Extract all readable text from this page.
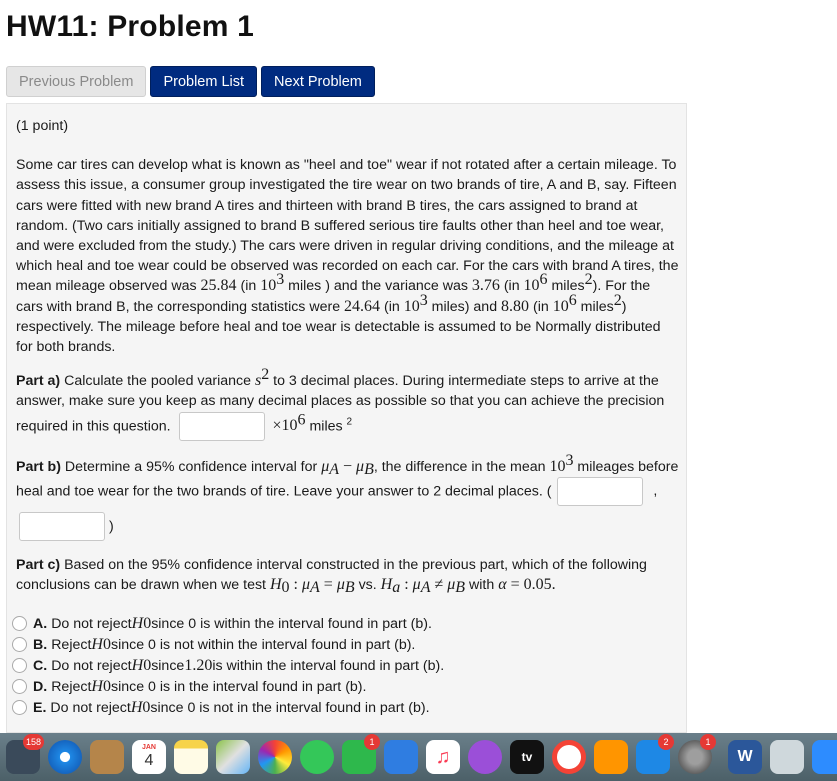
HW11: Problem 1
Previous Problem	Problem List	Next Problem
(1 point)

Some car tires can develop what is known as "heel and toe" wear if not rotated after a certain mileage. To assess this issue, a consumer group investigated the tire wear on two brands of tire, A and B, say. Fifteen cars were fitted with new brand A tires and thirteen with brand B tires, the cars assigned to brand at random. (Two cars initially assigned to brand B suffered serious tire faults other than heel and toe wear, and were excluded from the study.) The cars were driven in regular driving conditions, and the mileage at which heal and toe wear could be observed was recorded on each car. For the cars with brand A tires, the mean mileage observed was 25.84 (in $10^3$ miles ) and the variance was 3.76 (in $10^6$ miles$^2$). For the cars with brand B, the corresponding statistics were 24.64 (in $10^3$ miles) and 8.80 (in $10^6$ miles$^2$) respectively. The mileage before heal and toe wear is detectable is assumed to be Normally distributed for both brands.

Part a) Calculate the pooled variance $s^2$ to 3 decimal places. During intermediate steps to arrive at the answer, make sure you keep as many decimal places as possible so that you can achieve the precision required in this question.	$\times 10^6$ miles $^2$

Part b) Determine a 95% confidence interval for $\mu_A - \mu_B$, the difference in the mean $10^3$ mileages before heal and toe wear for the two brands of tire. Leave your answer to 2 decimal places. (	,

)

Part c) Based on the 95% confidence interval constructed in the previous part, which of the following conclusions can be drawn when we test $H_0$ : $\mu_A = \mu_B$ vs. $H_a$ : $\mu_A \ne \mu_B$ with α = 0.05.

A. Do not reject H 0 since 0 is within the interval found in part (b).
B. Reject H 0 since 0 is not within the interval found in part (b).
C. Do not reject H 0 since 1.20 is within the interval found in part (b).
D. Reject H 0 since 0 is in the interval found in part (b).
E. Do not reject H 0 since 0 is not in the interval found in part (b).
158
JAN
4
1
♫	tv
2	1
W
